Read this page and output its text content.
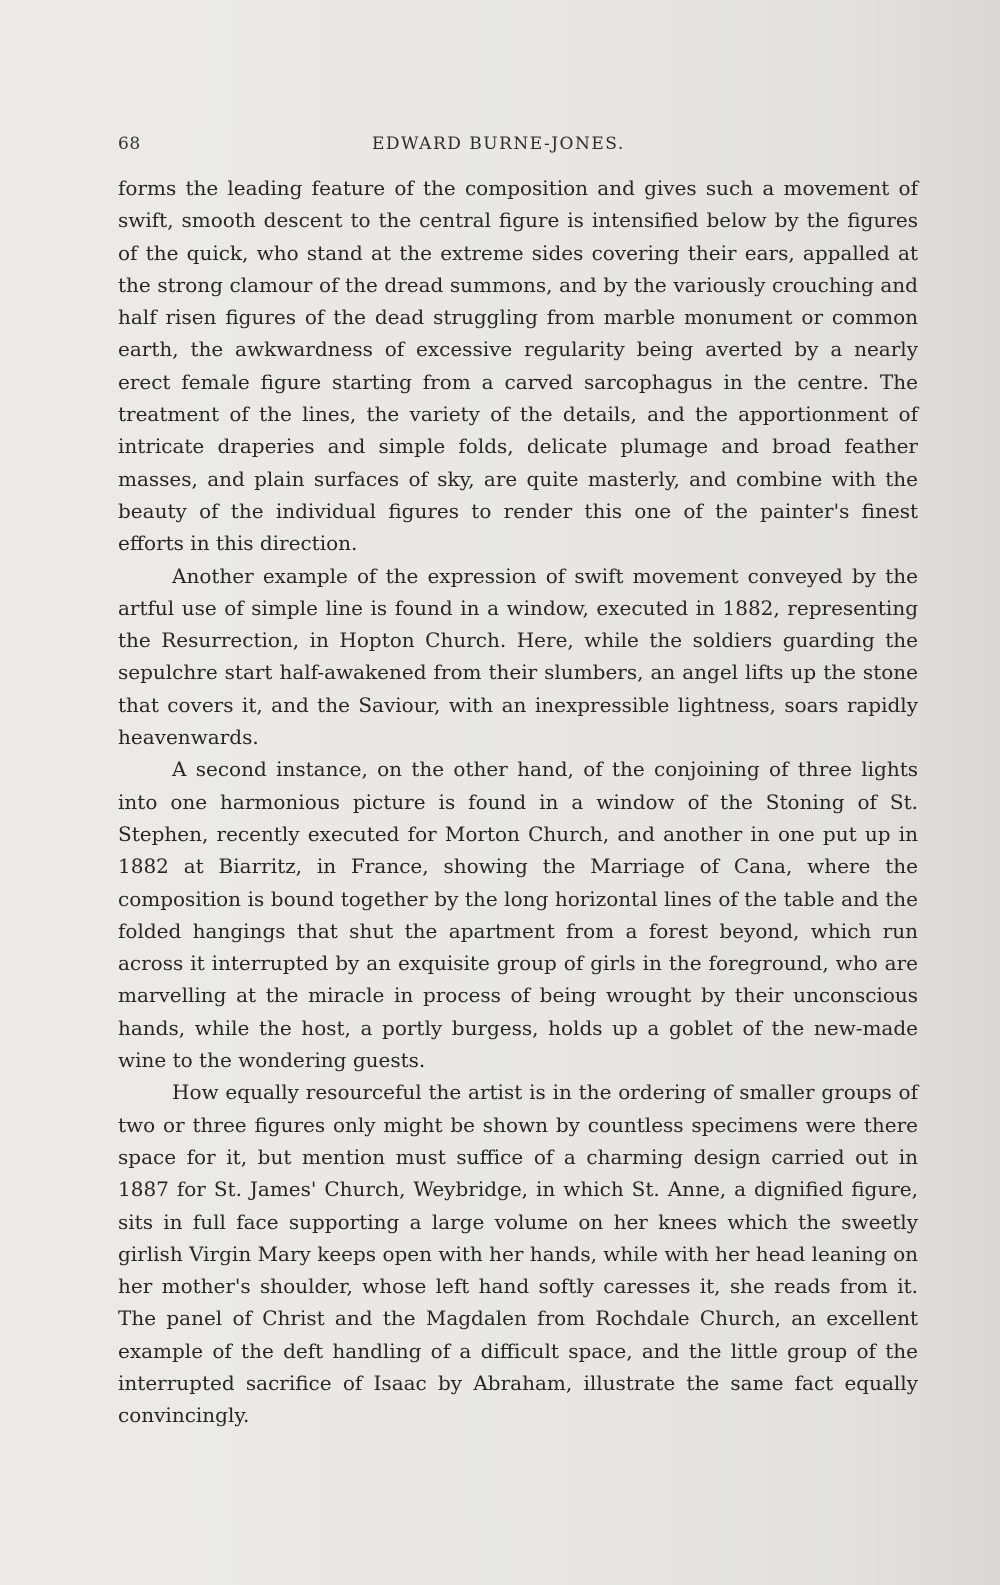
68	EDWARD BURNE-JONES.

forms the leading feature of the composition and gives such a movement of swift, smooth descent to the central figure is intensified below by the figures of the quick, who stand at the extreme sides covering their ears, appalled at the strong clamour of the dread summons, and by the variously crouching and half risen figures of the dead struggling from marble monument or common earth, the awkwardness of excessive regularity being averted by a nearly erect female figure starting from a carved sarcophagus in the centre. The treatment of the lines, the variety of the details, and the apportionment of intricate draperies and simple folds, delicate plumage and broad feather masses, and plain surfaces of sky, are quite masterly, and combine with the beauty of the individual figures to render this one of the painter's finest efforts in this direction.

Another example of the expression of swift movement conveyed by the artful use of simple line is found in a window, executed in 1882, representing the Resurrection, in Hopton Church. Here, while the soldiers guarding the sepulchre start half-awakened from their slumbers, an angel lifts up the stone that covers it, and the Saviour, with an inexpressible lightness, soars rapidly heavenwards.

A second instance, on the other hand, of the conjoining of three lights into one harmonious picture is found in a window of the Stoning of St. Stephen, recently executed for Morton Church, and another in one put up in 1882 at Biarritz, in France, showing the Marriage of Cana, where the composition is bound together by the long horizontal lines of the table and the folded hangings that shut the apartment from a forest beyond, which run across it interrupted by an exquisite group of girls in the foreground, who are marvelling at the miracle in process of being wrought by their unconscious hands, while the host, a portly burgess, holds up a goblet of the new-made wine to the wondering guests.

How equally resourceful the artist is in the ordering of smaller groups of two or three figures only might be shown by countless specimens were there space for it, but mention must suffice of a charming design carried out in 1887 for St. James' Church, Weybridge, in which St. Anne, a dignified figure, sits in full face supporting a large volume on her knees which the sweetly girlish Virgin Mary keeps open with her hands, while with her head leaning on her mother's shoulder, whose left hand softly caresses it, she reads from it. The panel of Christ and the Magdalen from Rochdale Church, an excellent example of the deft handling of a difficult space, and the little group of the interrupted sacrifice of Isaac by Abraham, illustrate the same fact equally convincingly.
